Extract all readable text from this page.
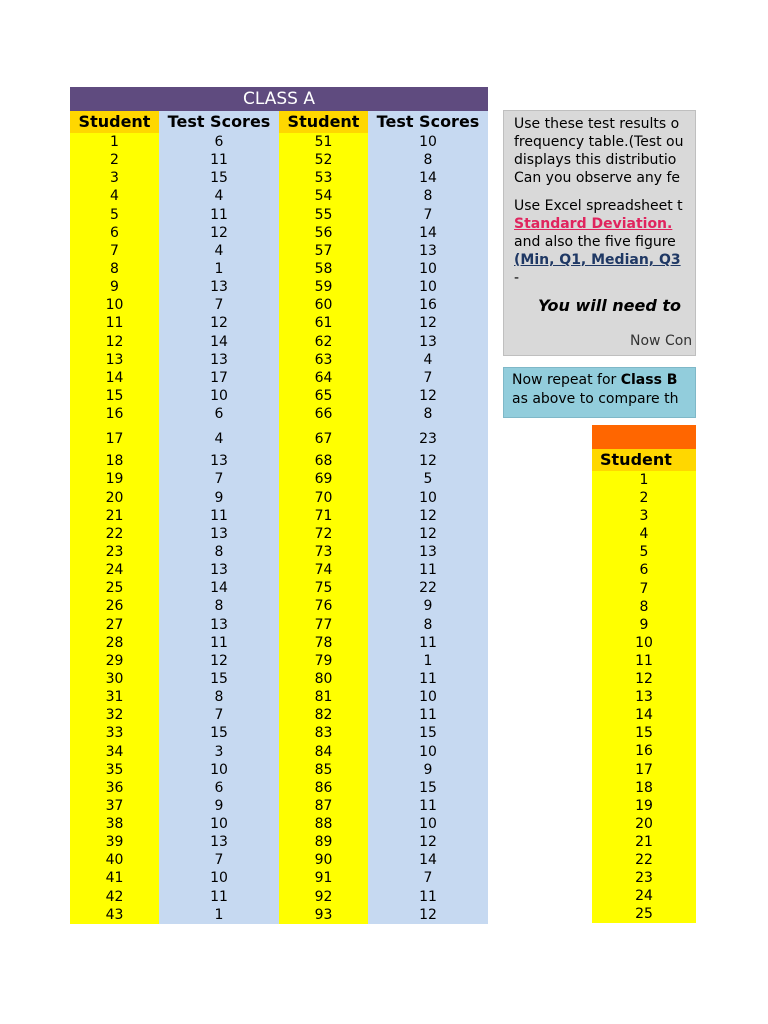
CLASS A
Student	Test Scores	Student	Test Scores
1	6	51	10
2	11	52	8
3	15	53	14
4	4	54	8
5	11	55	7
6	12	56	14
7	4	57	13
8	1	58	10
9	13	59	10
10	7	60	16
11	12	61	12
12	14	62	13
13	13	63	4
14	17	64	7
15	10	65	12
16	6	66	8
17	4	67	23
18	13	68	12
19	7	69	5
20	9	70	10
21	11	71	12
22	13	72	12
23	8	73	13
24	13	74	11
25	14	75	22
26	8	76	9
27	13	77	8
28	11	78	11
29	12	79	1
30	15	80	11
31	8	81	10
32	7	82	11
33	15	83	15
34	3	84	10
35	10	85	9
36	6	86	15
37	9	87	11
38	10	88	10
39	13	89	12
40	7	90	14
41	10	91	7
42	11	92	11
43	1	93	12

Use these test results o

frequency table.(Test ou

displays this distributio

Can you observe any fe

Use Excel spreadsheet t

Standard Deviation.

and also the five figure

(Min, Q1, Median, Q3

-

You will need to

Now Con
Now repeat for Class B
as above to compare th
Student
1
2
3
4
5
6
7
8
9
10
11
12
13
14
15
16
17
18
19
20
21
22
23
24
25
